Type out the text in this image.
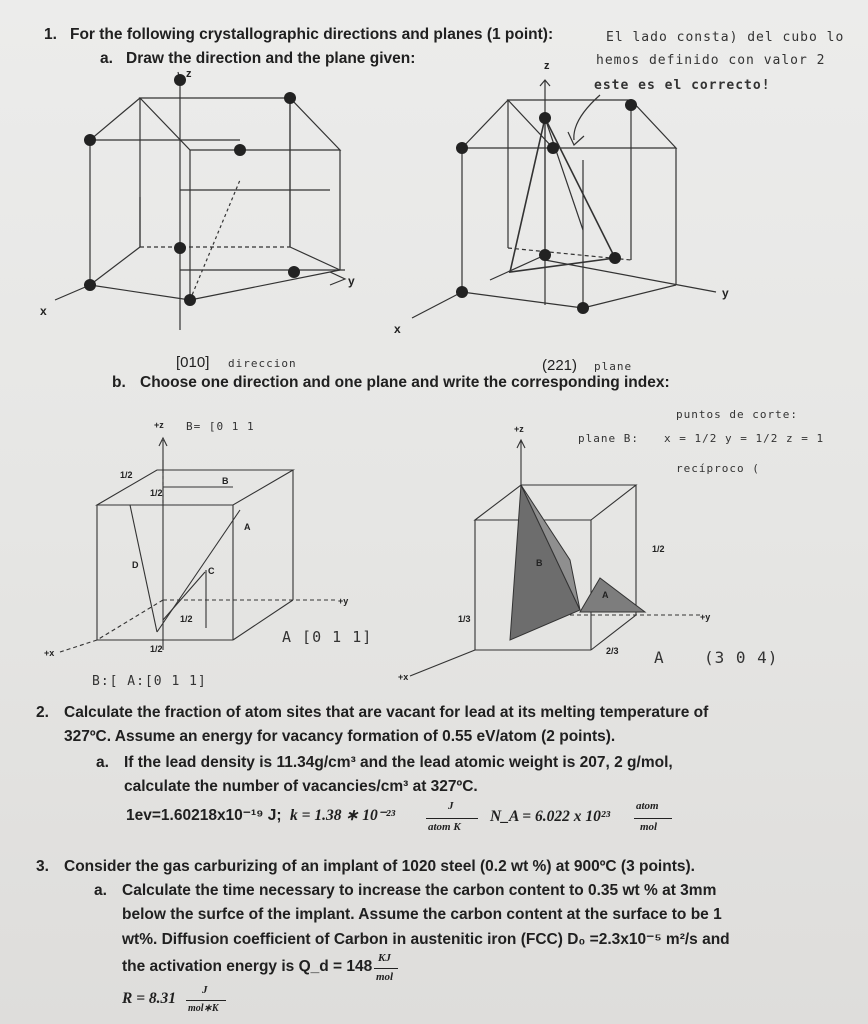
1. For the following crystallographic directions and planes (1 point):
a. Draw the direction and the plane given:
El lado consta) del cubo lo
hemos definido con valor 2
este es el correcto!
z
y
x
z
y
x
[010] direccion	(221) plane
b. Choose one direction and one plane and write the corresponding index:
puntos de corte:
plane B: x = 1/2 y = 1/2 z = 1
recíproco (
B= [0 1 1
+z
+y
+x
B
A
C
D
1/2
1/2
1/2
1/2
+z
+y
+x
B
A
1/2
2/3
1/3
A [0 1 1]
B:[ A:[0 1 1]
A (3 0 4)
2. Calculate the fraction of atom sites that are vacant for lead at its melting temperature of
327ºC. Assume an energy for vacancy formation of 0.55 eV/atom (2 points).
a. If the lead density is 11.34g/cm³ and the lead atomic weight is 207, 2 g/mol,
calculate the number of vacancies/cm³ at 327ºC.
1ev=1.60218x10⁻¹⁹ J; k = 1.38 ∗ 10⁻²³
J
atom K
N_A = 6.022 x 10²³
atom
mol
3. Consider the gas carburizing of an implant of 1020 steel (0.2 wt %) at 900ºC (3 points).
a. Calculate the time necessary to increase the carbon content to 0.35 wt % at 3mm
below the surfce of the implant. Assume the carbon content at the surface to be 1
wt%. Diffusion coefficient of Carbon in austenitic iron (FCC) D₀ =2.3x10⁻⁵ m²/s and
the activation energy is Q_d = 148 KJ
mol
R = 8.31 J
mol∗K
